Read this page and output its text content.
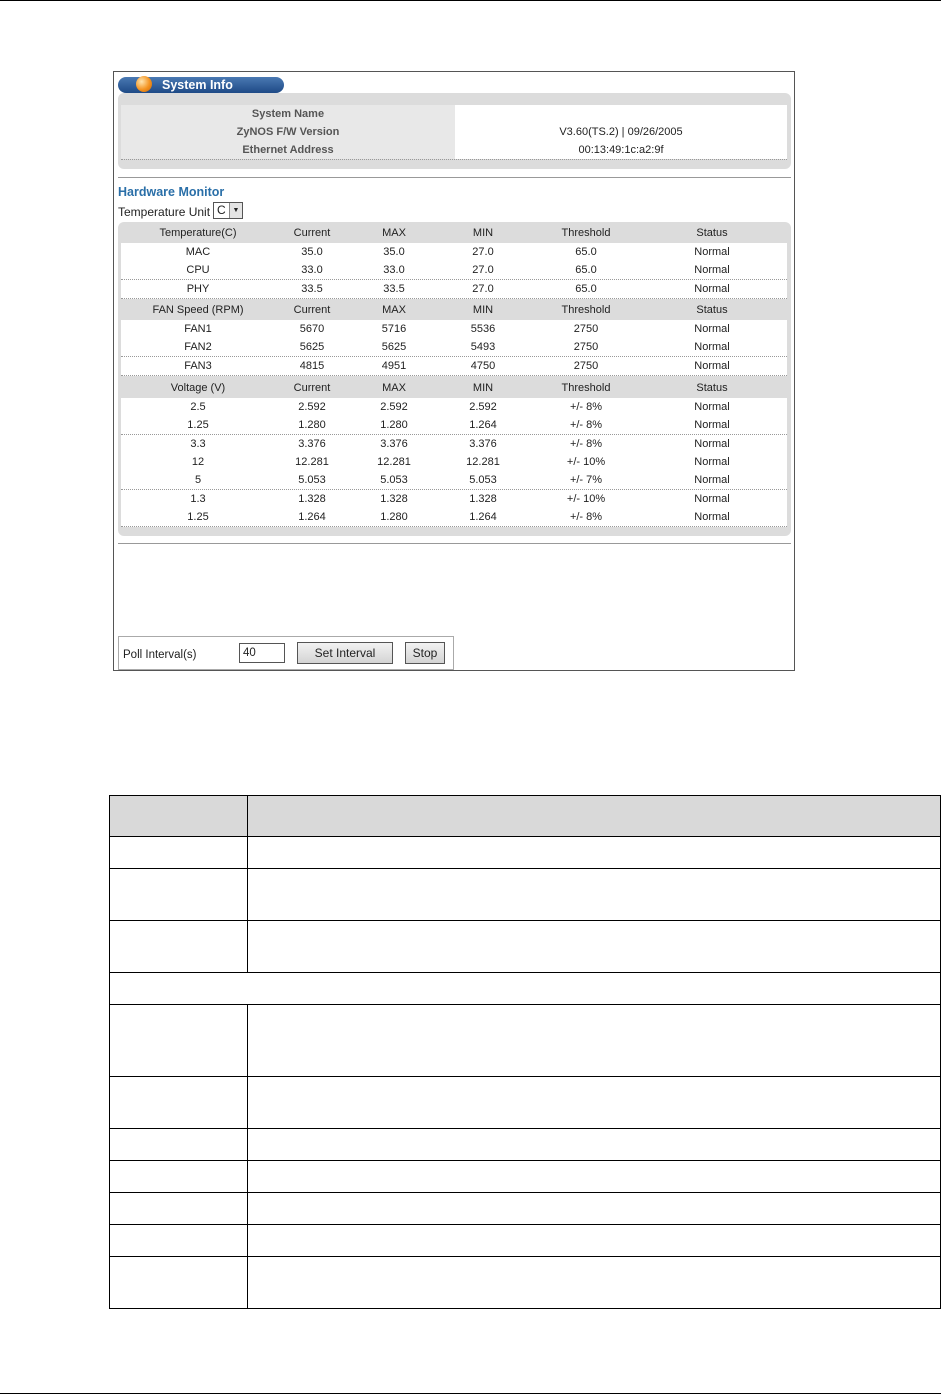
System Info
System Name
ZyNOS F/W Version	V3.60(TS.2) | 09/26/2005
Ethernet Address	00:13:49:1c:a2:9f
Hardware Monitor
Temperature Unit C ▼
Temperature(C)	Current	MAX	MIN	Threshold	Status
MAC	35.0	35.0	27.0	65.0	Normal
CPU	33.0	33.0	27.0	65.0	Normal
PHY	33.5	33.5	27.0	65.0	Normal
FAN Speed (RPM)	Current	MAX	MIN	Threshold	Status
FAN1	5670	5716	5536	2750	Normal
FAN2	5625	5625	5493	2750	Normal
FAN3	4815	4951	4750	2750	Normal
Voltage (V)	Current	MAX	MIN	Threshold	Status
2.5	2.592	2.592	2.592	+/- 8%	Normal
1.25	1.280	1.280	1.264	+/- 8%	Normal
3.3	3.376	3.376	3.376	+/- 8%	Normal
12	12.281	12.281	12.281	+/- 10%	Normal
5	5.053	5.053	5.053	+/- 7%	Normal
1.3	1.328	1.328	1.328	+/- 10%	Normal
1.25	1.264	1.280	1.264	+/- 8%	Normal
Poll Interval(s)	40	Set Interval	Stop
